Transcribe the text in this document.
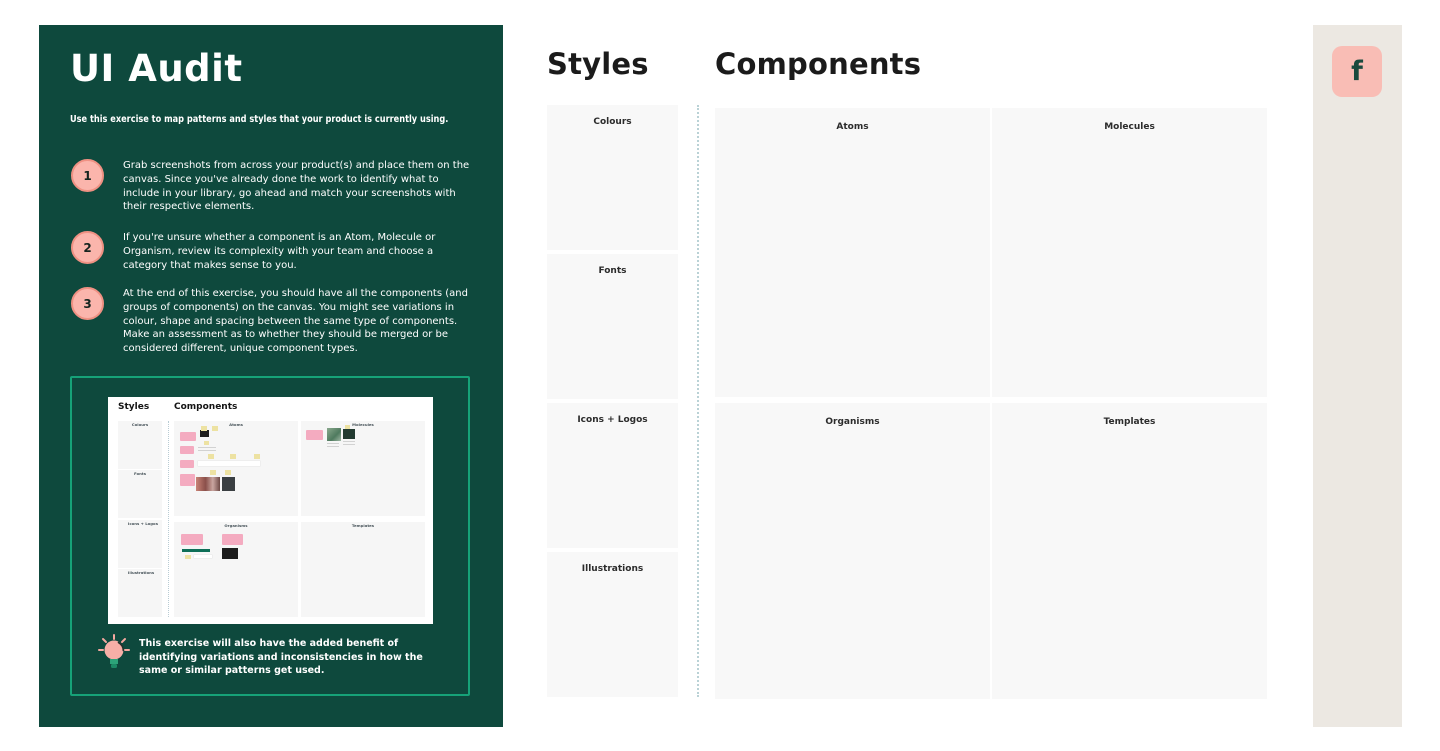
UI Audit
Use this exercise to map patterns and styles that your product is currently using.
1
Grab screenshots from across your product(s) and place them on the canvas. Since you've already done the work to identify what to include in your library, go ahead and match your screenshots with their respective elements.
2
If you're unsure whether a component is an Atom, Molecule or Organism, review its complexity with your team and choose a category that makes sense to you.
3
At the end of this exercise, you should have all the components (and groups of components) on the canvas. You might see variations in colour, shape and spacing between the same type of components. Make an assessment as to whether they should be merged or be considered different, unique component types.
Styles	Components
Colours
Fonts
Icons + Logos
Illustrations
Atoms	Molecules
Organisms	Templates
This exercise will also have the added benefit of identifying variations and inconsistencies in how the same or similar patterns get used.
Styles Components
Colours
Fonts
Icons + Logos
Illustrations
Atoms	Molecules
Organisms	Templates
f
